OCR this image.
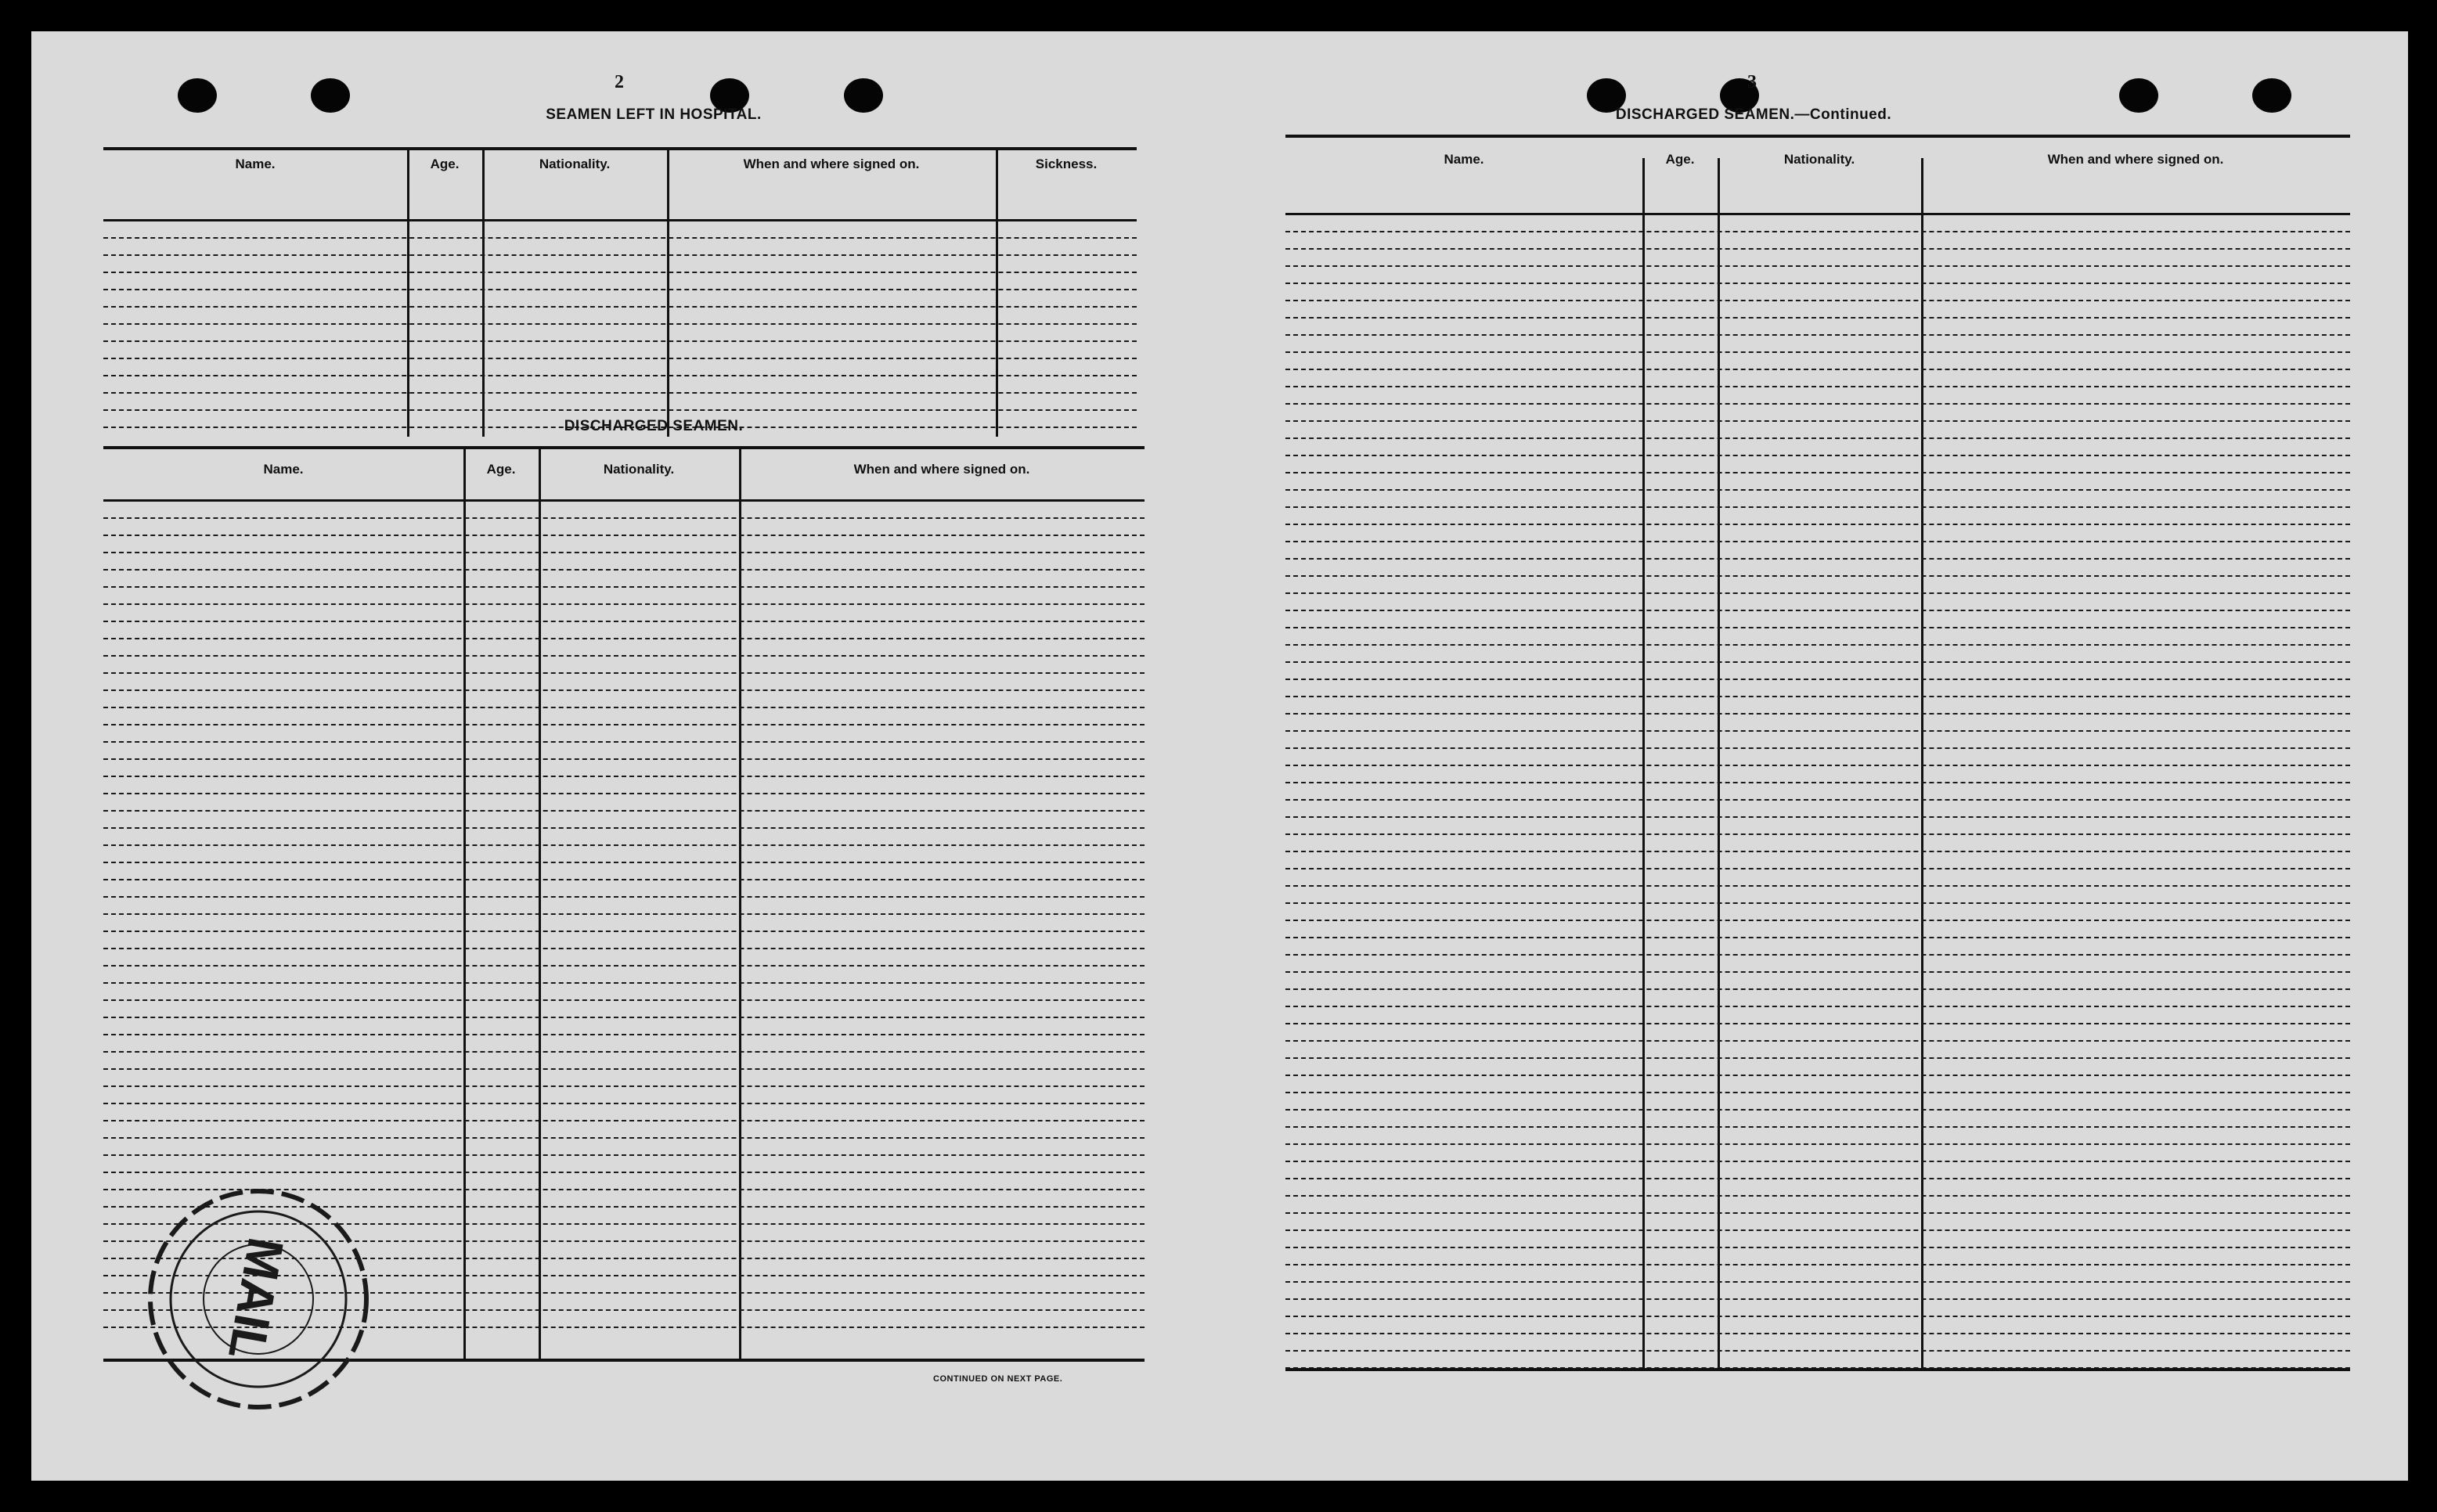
2
SEAMEN LEFT IN HOSPITAL.
Name.	Age.	Nationality.	When and where signed on.	Sickness.
DISCHARGED SEAMEN.
Name.	Age.	Nationality.	When and where signed on.
CONTINUED ON NEXT PAGE.
MAIL
3
DISCHARGED SEAMEN.—Continued.
Name.	Age.	Nationality.	When and where signed on.
